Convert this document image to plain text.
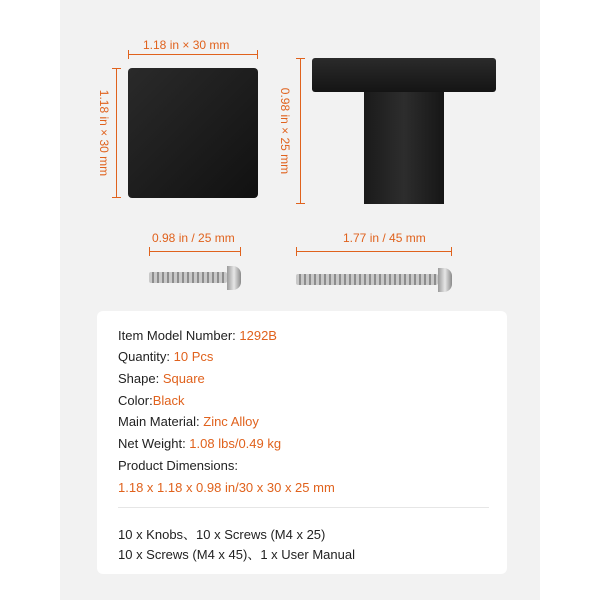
1.18 in × 30 mm
1.18 in × 30 mm	0.98 in × 25 mm
0.98 in / 25 mm	1.77 in / 45 mm
Item Model Number: 1292B
Quantity: 10 Pcs
Shape: Square
Color:Black
Main Material: Zinc Alloy
Net Weight: 1.08 lbs/0.49 kg
Product Dimensions:
1.18 x 1.18 x 0.98 in/30 x 30 x 25 mm
10 x Knobs、10 x Screws (M4 x 25)
10 x Screws (M4 x 45)、1 x User Manual
